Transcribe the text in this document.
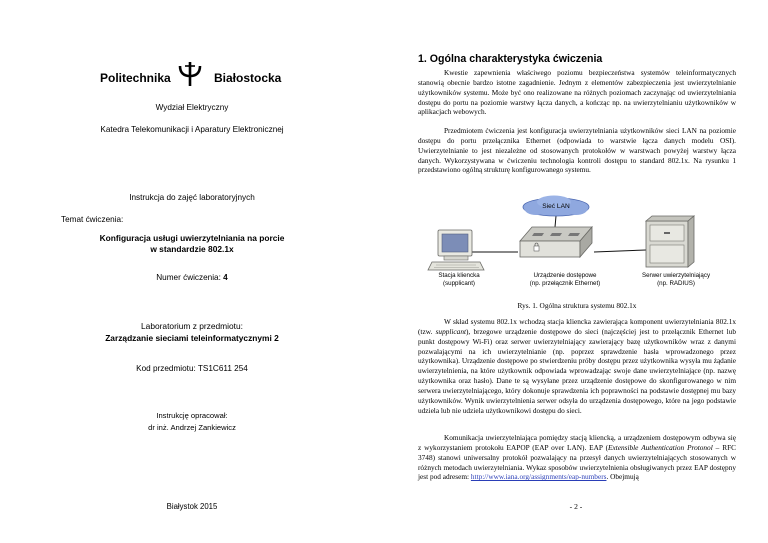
Politechnika	Białostocka
Wydział Elektryczny
Katedra Telekomunikacji i Aparatury Elektronicznej
Instrukcja do zajęć laboratoryjnych
Temat ćwiczenia:
Konfiguracja usługi uwierzytelniania na porcie
w standardzie 802.1x
Numer ćwiczenia: 4
Laboratorium z przedmiotu:
Zarządzanie sieciami teleinformatycznymi 2
Kod przedmiotu: TS1C611 254
Instrukcję opracował:
dr inż. Andrzej Zankiewicz
Białystok 2015
1. Ogólna charakterystyka ćwiczenia

Kwestie zapewnienia właściwego poziomu bezpieczeństwa systemów teleinformatycznych stanowią obecnie bardzo istotne zagadnienie. Jednym z elementów zabezpieczenia jest uwierzytelnianie użytkowników systemu. Może być ono realizowane na różnych poziomach zaczynając od uwierzytelniania dostępu do portu na poziomie warstwy łącza danych, a kończąc np. na uwierzytelnianiu użytkowników w aplikacjach webowych.

Przedmiotem ćwiczenia jest konfiguracja uwierzytelniania użytkowników sieci LAN na poziomie dostępu do portu przełącznika Ethernet (odpowiada to warstwie łącza danych modelu OSI). Uwierzytelnianie to jest niezależne od stosowanych protokołów w warstwach powyżej warstwy łącza danych. Wykorzystywana w ćwiczeniu technologia kontroli dostępu to standard 802.1x. Na rysunku 1 przedstawiono ogólną strukturę konfigurowanego systemu.

Sieć LAN
Stacja kliencka
(supplicant)
Urządzenie dostępowe
(np. przełącznik Ethernet)
Serwer uwierzytelniający
(np. RADIUS)
Rys. 1. Ogólna struktura systemu 802.1x

W skład systemu 802.1x wchodzą stacja kliencka zawierająca komponent uwierzytelniania 802.1x (tzw. supplicant), brzegowe urządzenie dostępowe do sieci (najczęściej jest to przełącznik Ethernet lub punkt dostępowy Wi-Fi) oraz serwer uwierzytelniający zawierający bazę użytkowników wraz z danymi pozwalającymi na ich uwierzytelnianie (np. poprzez sprawdzenie hasła wprowadzonego przez użytkownika). Urządzenie dostępowe po stwierdzeniu próby dostępu przez użytkownika wysyła mu żądanie uwierzytelnienia, na które użytkownik odpowiada wprowadzając swoje dane uwierzytelniające (np. nazwę użytkownika oraz hasło). Dane te są wysyłane przez urządzenie dostępowe do skonfigurowanego w nim serwera uwierzytelniającego, który dokonuje sprawdzenia ich poprawności na podstawie dostępnej mu bazy użytkowników. Wynik uwierzytelnienia serwer odsyła do urządzenia dostępowego, które na jego podstawie udziela lub nie udziela użytkownikowi dostępu do sieci.

Komunikacja uwierzytelniająca pomiędzy stacją kliencką, a urządzeniem dostępowym odbywa się z wykorzystaniem protokołu EAPOP (EAP over LAN). EAP (Extensible Authentication Protonol – RFC 3748) stanowi uniwersalny protokół pozwalający na przesył danych uwierzytelniających stosowanych w różnych metodach uwierzytelniania. Wykaz sposobów uwierzytelnienia obsługiwanych przez EAP dostępny jest pod adresem: http://www.iana.org/assignments/eap-numbers. Obejmują

- 2 -
